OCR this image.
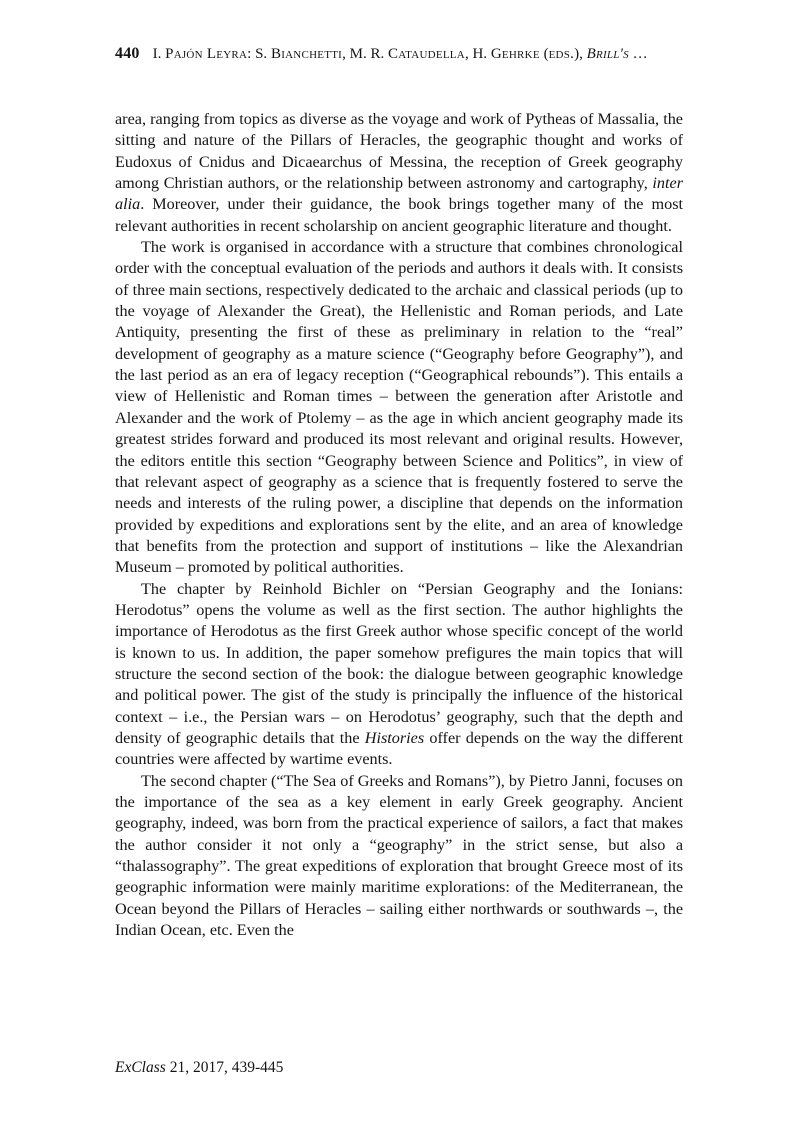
440 I. Pajón Leyra: S. Bianchetti, M. R. Cataudella, H. Gehrke (eds.), Brill's …

area, ranging from topics as diverse as the voyage and work of Pytheas of Massalia, the sitting and nature of the Pillars of Heracles, the geographic thought and works of Eudoxus of Cnidus and Dicaearchus of Messina, the reception of Greek geography among Christian authors, or the relationship between astronomy and cartography, inter alia. Moreover, under their guidance, the book brings together many of the most relevant authorities in recent scholarship on ancient geographic literature and thought.

The work is organised in accordance with a structure that combines chronological order with the conceptual evaluation of the periods and authors it deals with. It consists of three main sections, respectively dedicated to the archaic and classical periods (up to the voyage of Alexander the Great), the Hellenistic and Roman periods, and Late Antiquity, presenting the first of these as preliminary in relation to the “real” development of geography as a mature science (“Geography before Geography”), and the last period as an era of legacy reception (“Geographical rebounds”). This entails a view of Hellenistic and Roman times – between the generation after Aristotle and Alexander and the work of Ptolemy – as the age in which ancient geography made its greatest strides forward and produced its most relevant and original results. However, the editors entitle this section “Geography between Science and Politics”, in view of that relevant aspect of geography as a science that is frequently fostered to serve the needs and interests of the ruling power, a discipline that depends on the information provided by expeditions and explorations sent by the elite, and an area of knowledge that benefits from the protection and support of institutions – like the Alexandrian Museum – promoted by political authorities.

The chapter by Reinhold Bichler on “Persian Geography and the Ionians: Herodotus” opens the volume as well as the first section. The author highlights the importance of Herodotus as the first Greek author whose specific concept of the world is known to us. In addition, the paper somehow prefigures the main topics that will structure the second section of the book: the dialogue between geographic knowledge and political power. The gist of the study is principally the influence of the historical context – i.e., the Persian wars – on Herodotus’ geography, such that the depth and density of geographic details that the Histories offer depends on the way the different countries were affected by wartime events.

The second chapter (“The Sea of Greeks and Romans”), by Pietro Janni, focuses on the importance of the sea as a key element in early Greek geography. Ancient geography, indeed, was born from the practical experience of sailors, a fact that makes the author consider it not only a “geography” in the strict sense, but also a “thalassography”. The great expeditions of exploration that brought Greece most of its geographic information were mainly maritime explorations: of the Mediterranean, the Ocean beyond the Pillars of Heracles – sailing either northwards or southwards –, the Indian Ocean, etc. Even the

ExClass 21, 2017, 439-445
